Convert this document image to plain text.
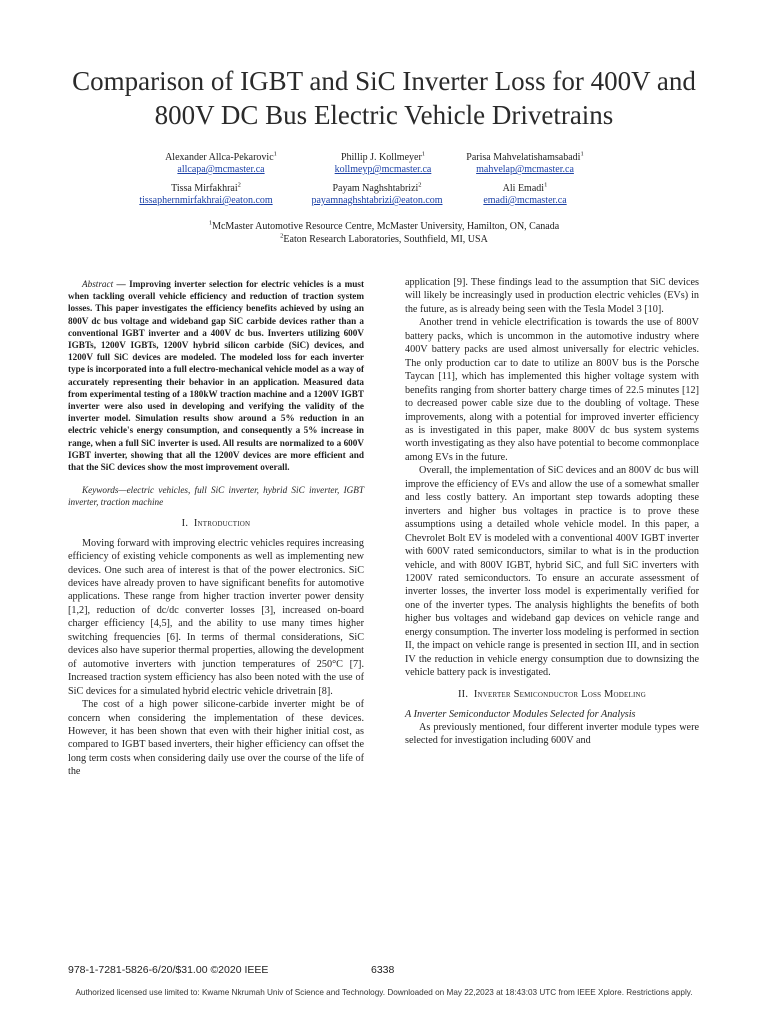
Comparison of IGBT and SiC Inverter Loss for 400V and 800V DC Bus Electric Vehicle Drivetrains
Alexander Allca-Pekarovic$^1$
allcapa@mcmaster.ca
Phillip J. Kollmeyer$^1$
kollmeyp@mcmaster.ca
Parisa Mahvelatishamsabadi$^1$
mahvelap@mcmaster.ca
Tissa Mirfakhrai$^2$
tissaphernmirfakhrai@eaton.com
Payam Naghshtabrizi$^2$
payamnaghshtabrizi@eaton.com
Ali Emadi$^1$
emadi@mcmaster.ca
$^1$McMaster Automotive Resource Centre, McMaster University, Hamilton, ON, Canada
$^2$Eaton Research Laboratories, Southfield, MI, USA

Abstract — Improving inverter selection for electric vehicles is a must when tackling overall vehicle efficiency and reduction of traction system losses. This paper investigates the efficiency benefits achieved by using an 800V dc bus voltage and wideband gap SiC carbide devices rather than a conventional IGBT inverter and a 400V dc bus. Inverters utilizing 600V IGBTs, 1200V IGBTs, 1200V hybrid silicon carbide (SiC) devices, and 1200V full SiC devices are modeled. The modeled loss for each inverter type is incorporated into a full electro-mechanical vehicle model as a way of accurately representing their behavior in an application. Measured data from experimental testing of a 180kW traction machine and a 1200V IGBT inverter were also used in developing and verifying the validity of the inverter model. Simulation results show around a 5% reduction in an electric vehicle's energy consumption, and consequently a 5% increase in range, when a full SiC inverter is used. All results are normalized to a 600V IGBT inverter, showing that all the 1200V devices are more efficient and that the SiC devices show the most improvement overall.

Keywords—electric vehicles, full SiC inverter, hybrid SiC inverter, IGBT inverter, traction machine

I. Introduction

Moving forward with improving electric vehicles requires increasing efficiency of existing vehicle components as well as implementing new devices. One such area of interest is that of the power electronics. SiC devices have already proven to have significant benefits for automotive applications. These range from higher traction inverter power density [1,2], reduction of dc/dc converter losses [3], increased on-board charger efficiency [4,5], and the ability to use many times higher switching frequencies [6]. In terms of thermal considerations, SiC devices also have superior thermal properties, allowing the development of automotive inverters with junction temperatures of 250°C [7]. Increased traction system efficiency has also been noted with the use of SiC devices for a simulated hybrid electric vehicle drivetrain [8].

The cost of a high power silicone-carbide inverter might be of concern when considering the implementation of these devices. However, it has been shown that even with their higher initial cost, as compared to IGBT based inverters, their higher efficiency can offset the long term costs when considering daily use over the course of the life of the

application [9]. These findings lead to the assumption that SiC devices will likely be increasingly used in production electric vehicles (EVs) in the future, as is already being seen with the Tesla Model 3 [10].

Another trend in vehicle electrification is towards the use of 800V battery packs, which is uncommon in the automotive industry where 400V battery packs are used almost universally for electric vehicles. The only production car to date to utilize an 800V bus is the Porsche Taycan [11], which has implemented this higher voltage system with benefits ranging from shorter battery charge times of 22.5 minutes [12] to decreased power cable size due to the doubling of voltage. These improvements, along with a potential for improved inverter efficiency as is investigated in this paper, make 800V dc bus system systems worth investigating as they also have potential to become commonplace among EVs in the future.

Overall, the implementation of SiC devices and an 800V dc bus will improve the efficiency of EVs and allow the use of a somewhat smaller and less costly battery. An important step towards adopting these inverters and higher bus voltages in practice is to prove these assumptions using a detailed whole vehicle model. In this paper, a Chevrolet Bolt EV is modeled with a conventional 400V IGBT inverter with 600V rated semiconductors, similar to what is in the production vehicle, and with 800V IGBT, hybrid SiC, and full SiC inverters with 1200V rated semiconductors. To ensure an accurate assessment of inverter losses, the inverter loss model is experimentally verified for one of the inverter types. The analysis highlights the benefits of both higher bus voltages and wideband gap devices on vehicle range and energy consumption. The inverter loss modeling is performed in section II, the impact on vehicle range is presented in section III, and in section IV the reduction in vehicle energy consumption due to downsizing the vehicle battery pack is investigated.

II. Inverter Semiconductor Loss Modeling

A Inverter Semiconductor Modules Selected for Analysis

As previously mentioned, four different inverter module types were selected for investigation including 600V and

978-1-7281-5826-6/20/$31.00 ©2020 IEEE	6338
Authorized licensed use limited to: Kwame Nkrumah Univ of Science and Technology. Downloaded on May 22,2023 at 18:43:03 UTC from IEEE Xplore. Restrictions apply.
